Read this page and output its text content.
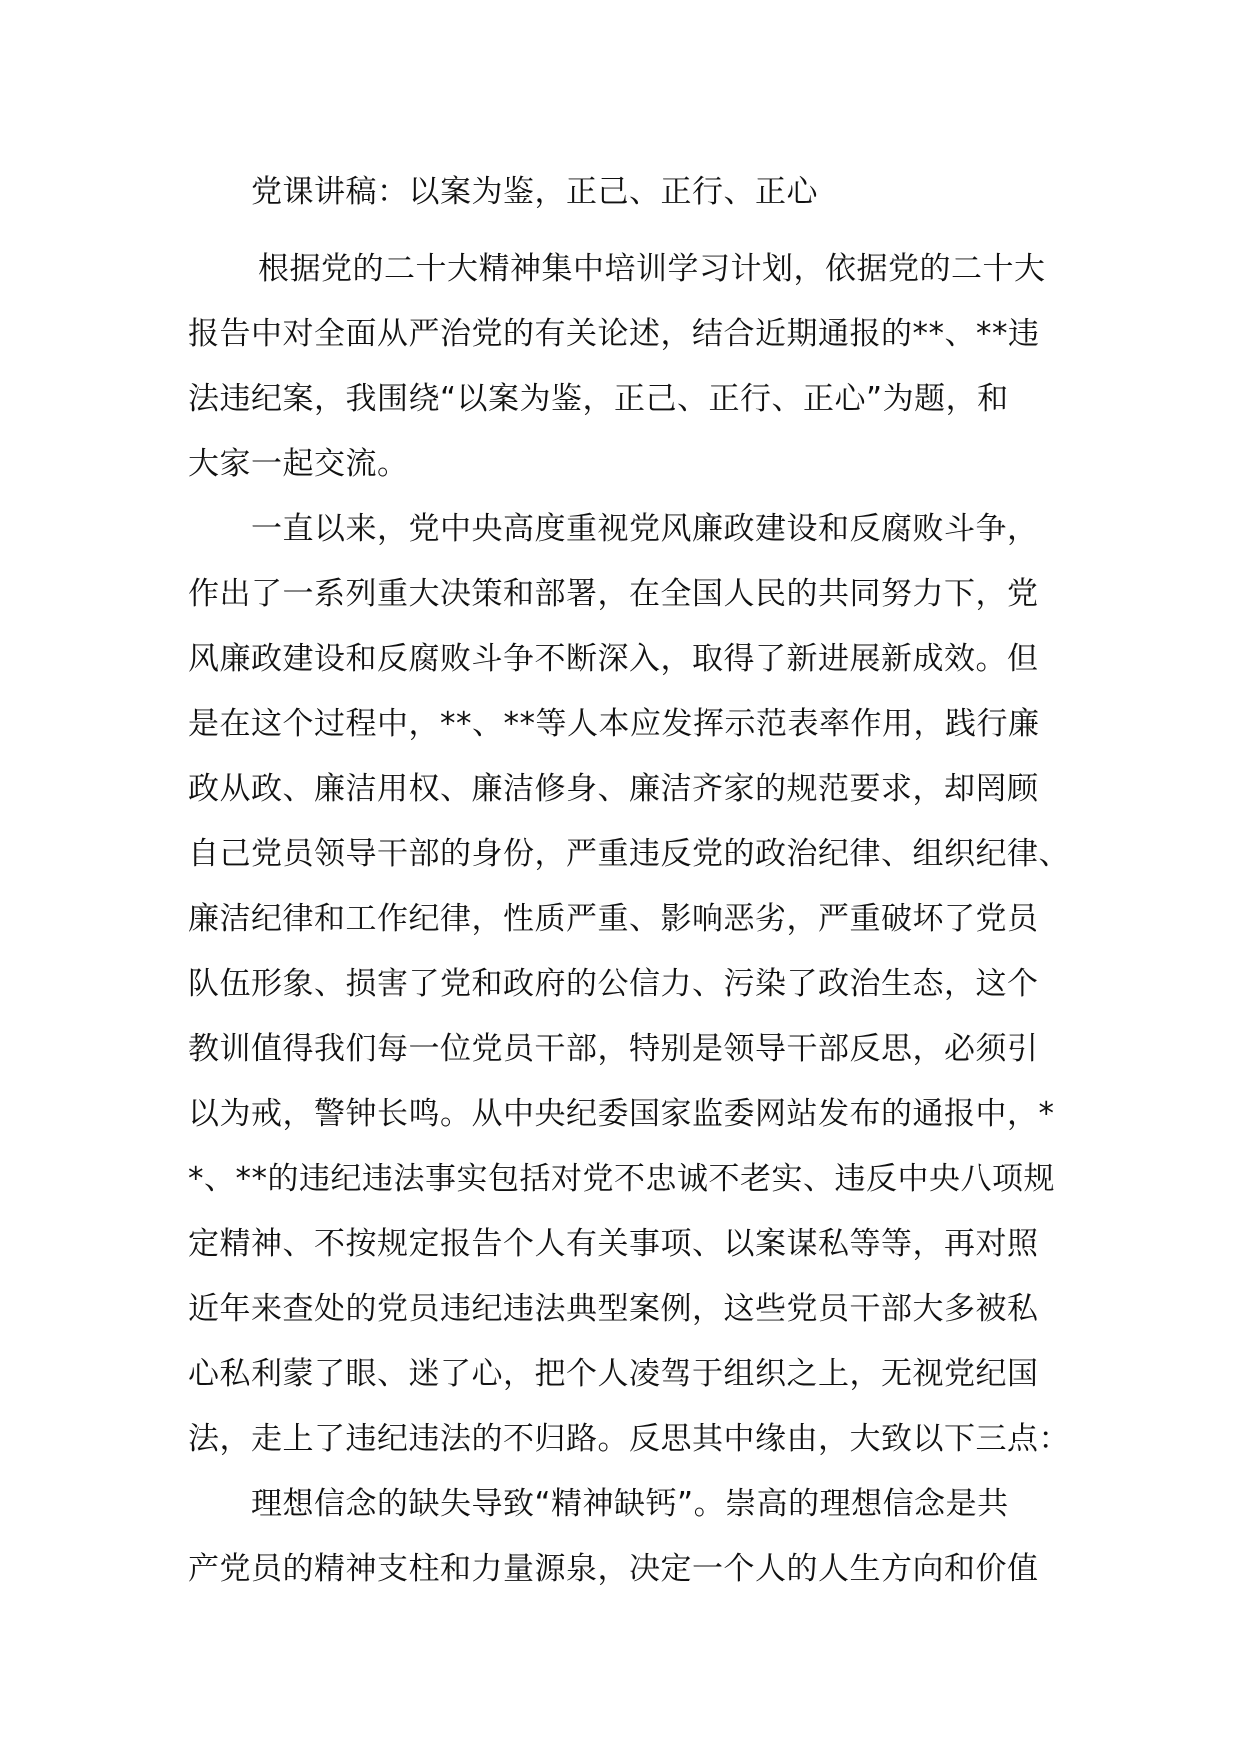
党课讲稿：以案为鉴，正己、正行、正心
根据党的二十大精神集中培训学习计划，依据党的二十大
报告中对全面从严治党的有关论述，结合近期通报的**、**违
法违纪案，我围绕“以案为鉴，正己、正行、正心”为题，和
大家一起交流。
一直以来，党中央高度重视党风廉政建设和反腐败斗争，
作出了一系列重大决策和部署，在全国人民的共同努力下，党
风廉政建设和反腐败斗争不断深入，取得了新进展新成效。但
是在这个过程中，**、**等人本应发挥示范表率作用，践行廉
政从政、廉洁用权、廉洁修身、廉洁齐家的规范要求，却罔顾
自己党员领导干部的身份，严重违反党的政治纪律、组织纪律、
廉洁纪律和工作纪律，性质严重、影响恶劣，严重破坏了党员
队伍形象、损害了党和政府的公信力、污染了政治生态，这个
教训值得我们每一位党员干部，特别是领导干部反思，必须引
以为戒，警钟长鸣。从中央纪委国家监委网站发布的通报中，*
*、**的违纪违法事实包括对党不忠诚不老实、违反中央八项规
定精神、不按规定报告个人有关事项、以案谋私等等，再对照
近年来查处的党员违纪违法典型案例，这些党员干部大多被私
心私利蒙了眼、迷了心，把个人凌驾于组织之上，无视党纪国
法，走上了违纪违法的不归路。反思其中缘由，大致以下三点：
理想信念的缺失导致“精神缺钙”。崇高的理想信念是共
产党员的精神支柱和力量源泉，决定一个人的人生方向和价值
